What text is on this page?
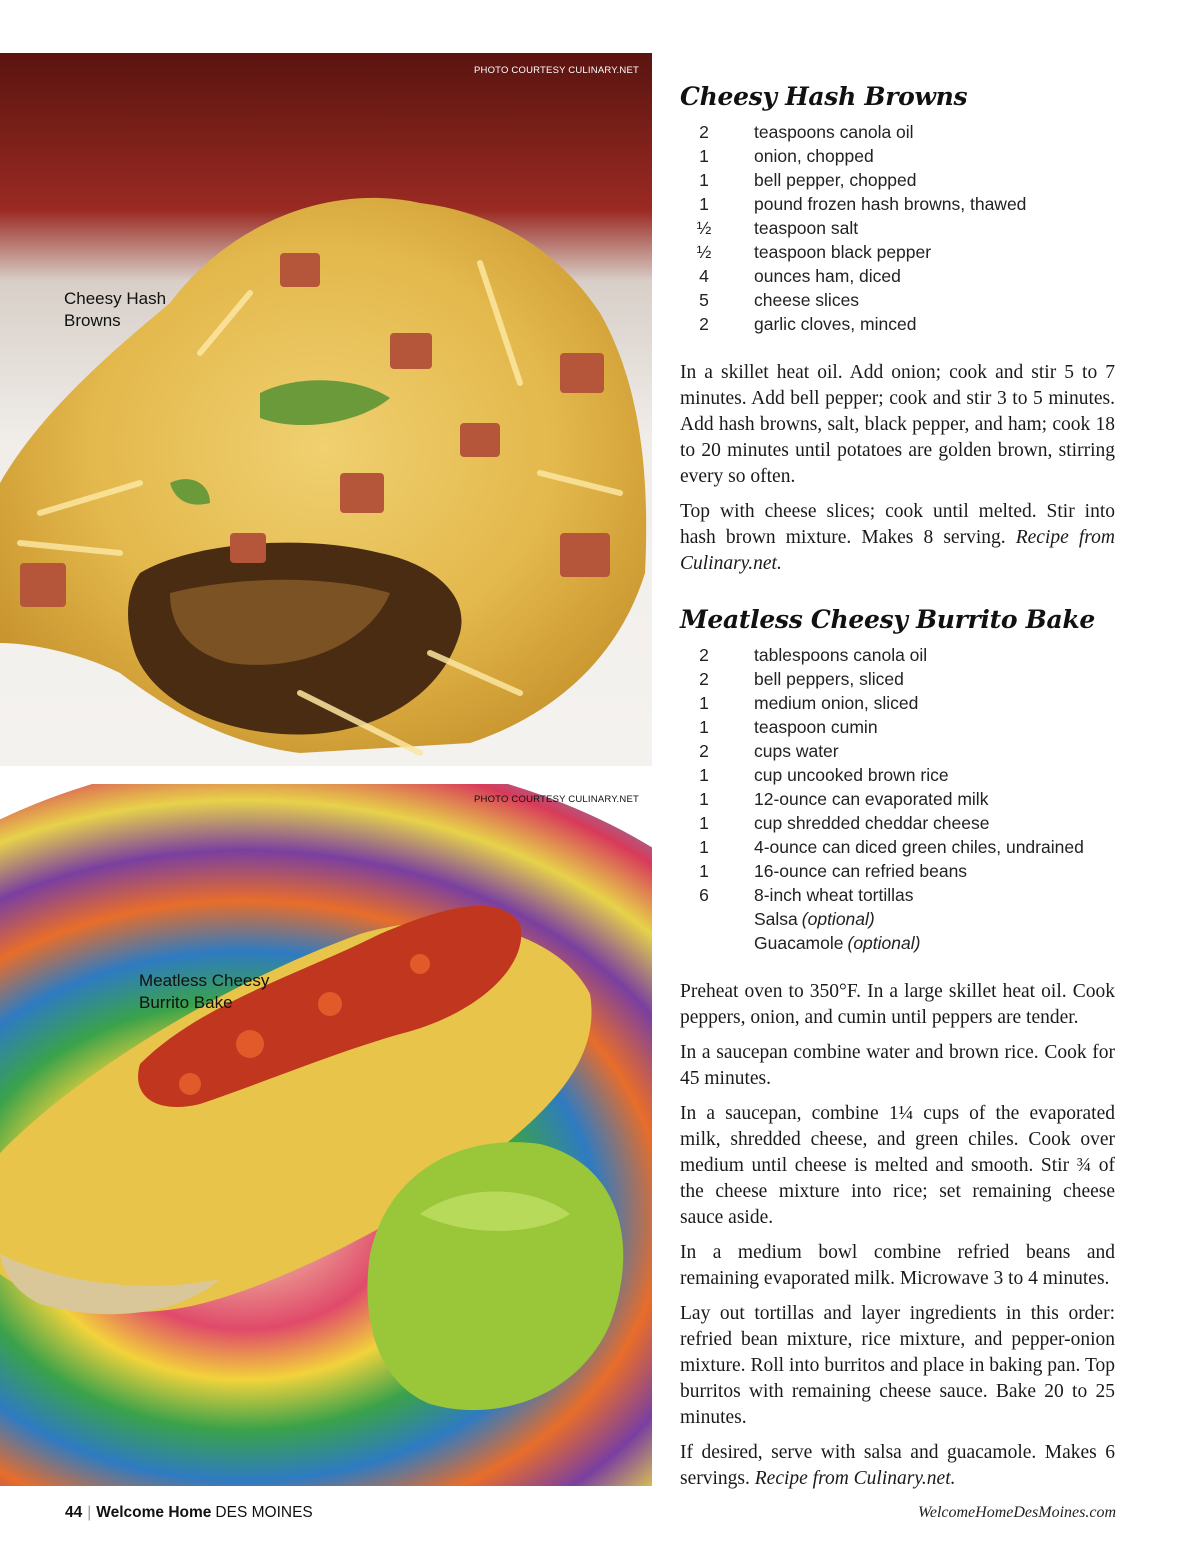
PHOTO COURTESY CULINARY.NET
Cheesy Hash Browns
PHOTO COURTESY CULINARY.NET
Meatless Cheesy Burrito Bake
Cheesy Hash Browns
2	teaspoons canola oil
1	onion, chopped
1	bell pepper, chopped
1	pound frozen hash browns, thawed
½	teaspoon salt
½	teaspoon black pepper
4	ounces ham, diced
5	cheese slices
2	garlic cloves, minced

In a skillet heat oil. Add onion; cook and stir 5 to 7 minutes. Add bell pepper; cook and stir 3 to 5 minutes. Add hash browns, salt, black pepper, and ham; cook 18 to 20 minutes until potatoes are golden brown, stirring every so often.

Top with cheese slices; cook until melted. Stir into hash brown mixture. Makes 8 serving. Recipe from Culinary.net.

Meatless Cheesy Burrito Bake
2	tablespoons canola oil
2	bell peppers, sliced
1	medium onion, sliced
1	teaspoon cumin
2	cups water
1	cup uncooked brown rice
1	12-ounce can evaporated milk
1	cup shredded cheddar cheese
1	4-ounce can diced green chiles, undrained
1	16-ounce can refried beans
6	8-inch wheat tortillas
Salsa (optional)
Guacamole (optional)

Preheat oven to 350°F. In a large skillet heat oil. Cook peppers, onion, and cumin until peppers are tender.

In a saucepan combine water and brown rice. Cook for 45 minutes.

In a saucepan, combine 1¼ cups of the evaporated milk, shredded cheese, and green chiles. Cook over medium until cheese is melted and smooth. Stir ¾ of the cheese mixture into rice; set remaining cheese sauce aside.

In a medium bowl combine refried beans and remaining evaporated milk. Microwave 3 to 4 minutes.

Lay out tortillas and layer ingredients in this order: refried bean mixture, rice mixture, and pepper-onion mixture. Roll into burritos and place in baking pan. Top burritos with remaining cheese sauce. Bake 20 to 25 minutes.

If desired, serve with salsa and guacamole. Makes 6 servings. Recipe from Culinary.net.

44 | Welcome Home DES MOINES	WelcomeHomeDesMoines.com
